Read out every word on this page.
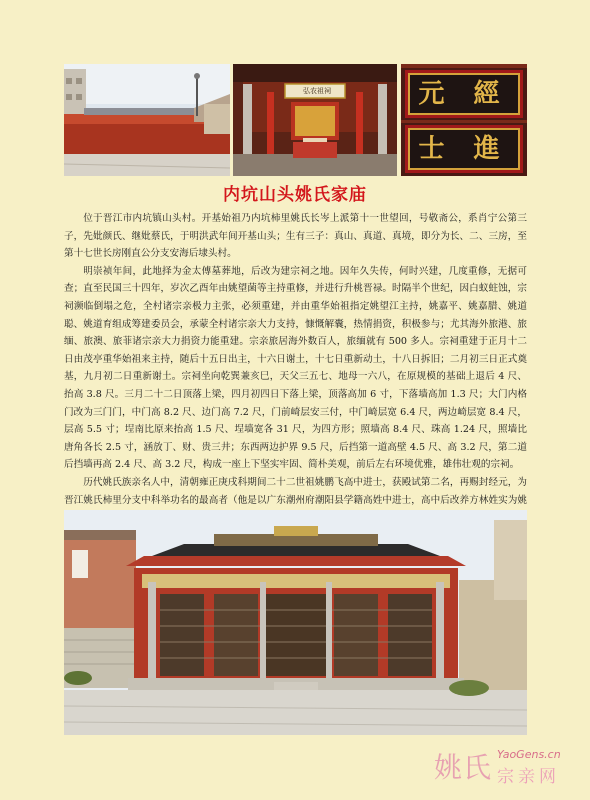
弘农祖祠	元 經
士 進
内坑山头姚氏家庙

位于晋江市内坑镇山头村。开基始祖乃内坑柿里姚氏长岑上派第十一世望回，号敬斋公，系肖宁公第三子，先妣颜氏、继妣蔡氏，于明洪武年间开基山头；生有三子：真山、真道、真境，即分为长、二、三房，至第十七世长房刚直公分支安海后埭头村。

明崇祯年间，此地择为金太傅墓葬地，后改为建宗祠之地。因年久失传，何时兴建，几度重修，无据可查；直至民国三十四年，岁次乙酉年由姚望菌等主持重修，并进行升桃晋禄。时隔半个世纪，因白蚁蛀蚀，宗祠濒临倒塌之危，全村诸宗亲极力主张，必须重建，并由重华始祖指定姚望江主持，姚嘉平、姚嘉腊、姚道聪、姚道育组成筹建委员会，承蒙全村诸宗亲大力支持，慷慨解囊，热情捐资，积极参与；尤其海外旅港、旅缅、旅澳、旅菲诸宗亲大力捐资力能重建。宗亲旅居海外数百人，旅缅就有 500 多人。宗祠重建于正月十二日由茂亭重华始祖来主持，随后十五日出主，十六日谢土，十七日重新动土，十八日拆旧；二月初三日正式奠基，九月初二日重新谢土。宗祠坐向乾巽兼亥巳，天父三五七、地母一六八，在原规模的基础上退后 4 尺、抬高 3.8 尺。三月二十二日顶落上梁，四月初四日下落上梁，顶落高加 6 寸，下落墙高加 1.3 尺；大门内格门改为三门门，中门高 8.2 尺、边门高 7.2 尺，门前崎层安三付，中门崎层宽 6.4 尺，两边崎层宽 8.4 尺，层高 5.5 寸；埕南比原来抬高 1.5 尺、埕墙宽各 31 尺，为四方形；照墙高 8.4 尺、珠高 1.24 尺，照墙比唐角各长 2.5 寸，涵放丁、财、贵三井；东西两边护界 9.5 尺，后挡第一道高壁 4.5 尺、高 3.2 尺，第二道后挡墙再高 2.4 尺、高 3.2 尺，构成一座上下坚实牢固、简朴美观，前后左右环境优雅，雄伟壮观的宗祠。

历代姚氏族亲名人中，清朝雍正庚戌科期间二十二世祖姚鹏飞高中进士，获殿试第二名，再赐封经元，为晋江姚氏柿里分支中科举功名的最高者（他是以广东潮州府潮阳县学籍高姓中进士，高中后改养方林姓实为姚

姚氏 YaoGens.cn
宗亲网
